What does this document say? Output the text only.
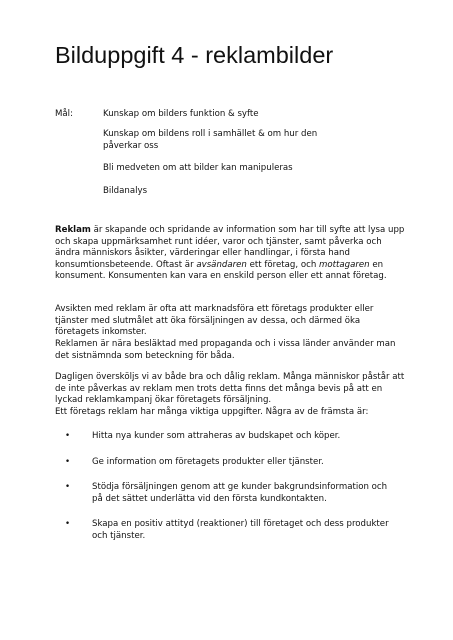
Bilduppgift 4 - reklambilder
Mål:	Kunskap om bilders funktion & syfte
Kunskap om bildens roll i samhället & om hur den påverkar oss
Bli medveten om att bilder kan manipuleras
Bildanalys

Reklam är skapande och spridande av information som har till syfte att lysa upp och skapa uppmärksamhet runt idéer, varor och tjänster, samt påverka och ändra människors åsikter, värderingar eller handlingar, i första hand konsumtionsbeteende. Oftast är avsändaren ett företag, och mottagaren en konsument. Konsumenten kan vara en enskild person eller ett annat företag.

Avsikten med reklam är ofta att marknadsföra ett företags produkter eller tjänster med slutmålet att öka försäljningen av dessa, och därmed öka företagets inkomster.

Reklamen är nära besläktad med propaganda och i vissa länder använder man det sistnämnda som beteckning för båda.

Dagligen översköljs vi av både bra och dålig reklam. Många människor påstår att de inte påverkas av reklam men trots detta finns det många bevis på att en lyckad reklamkampanj ökar företagets försäljning.

Ett företags reklam har många viktiga uppgifter. Några av de främsta är:

• Hitta nya kunder som attraheras av budskapet och köper.
• Ge information om företagets produkter eller tjänster.
• Stödja försäljningen genom att ge kunder bakgrundsinformation och på det sättet underlätta vid den första kundkontakten.
• Skapa en positiv attityd (reaktioner) till företaget och dess produkter och tjänster.
